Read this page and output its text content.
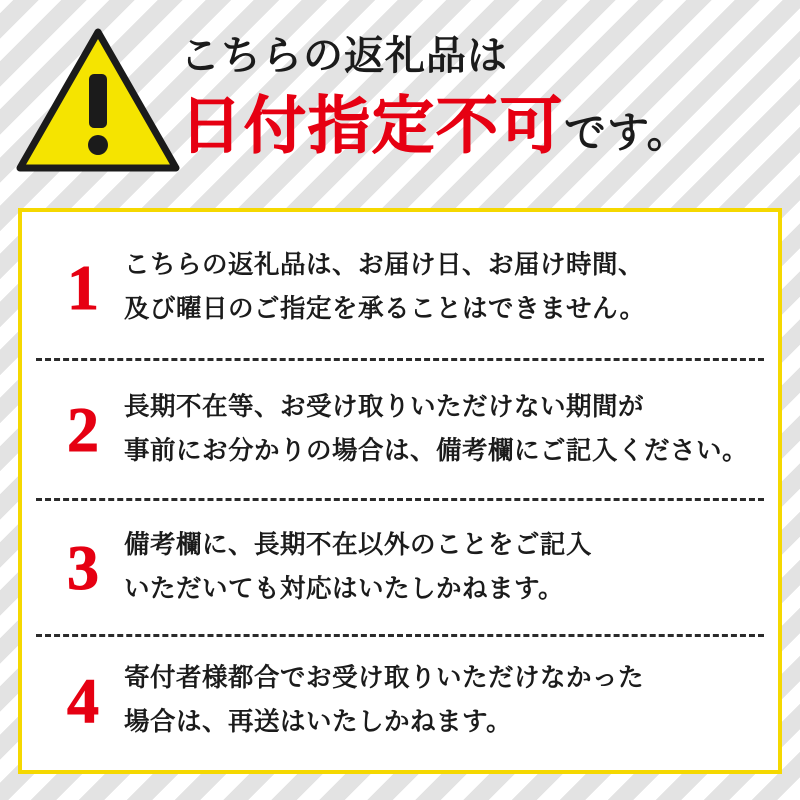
こちらの返礼品は
日付指定不可です。
1 こちらの返礼品は、お届け日、お届け時間、
及び曜日のご指定を承ることはできません。
2 長期不在等、お受け取りいただけない期間が
事前にお分かりの場合は、備考欄にご記入ください。
3 備考欄に、長期不在以外のことをご記入
いただいても対応はいたしかねます。
4 寄付者様都合でお受け取りいただけなかった
場合は、再送はいたしかねます。
